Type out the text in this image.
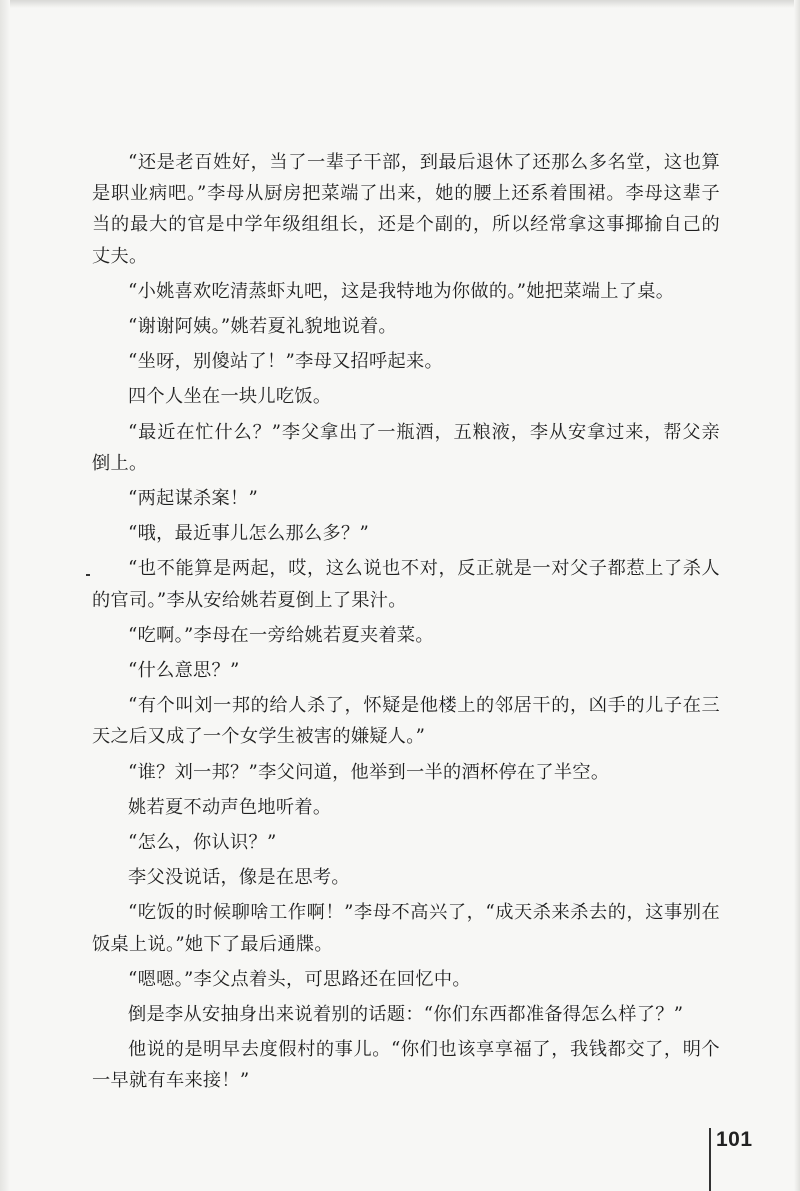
“还是老百姓好，当了一辈子干部，到最后退休了还那么多名堂，这也算是职业病吧。”李母从厨房把菜端了出来，她的腰上还系着围裙。李母这辈子当的最大的官是中学年级组组长，还是个副的，所以经常拿这事揶揄自己的丈夫。

“小姚喜欢吃清蒸虾丸吧，这是我特地为你做的。”她把菜端上了桌。

“谢谢阿姨。”姚若夏礼貌地说着。

“坐呀，别傻站了！”李母又招呼起来。

四个人坐在一块儿吃饭。

“最近在忙什么？”李父拿出了一瓶酒，五粮液，李从安拿过来，帮父亲倒上。

“两起谋杀案！”

“哦，最近事儿怎么那么多？”

“也不能算是两起，哎，这么说也不对，反正就是一对父子都惹上了杀人的官司。”李从安给姚若夏倒上了果汁。

“吃啊。”李母在一旁给姚若夏夹着菜。

“什么意思？”

“有个叫刘一邦的给人杀了，怀疑是他楼上的邻居干的，凶手的儿子在三天之后又成了一个女学生被害的嫌疑人。”

“谁？刘一邦？”李父问道，他举到一半的酒杯停在了半空。

姚若夏不动声色地听着。

“怎么，你认识？”

李父没说话，像是在思考。

“吃饭的时候聊啥工作啊！”李母不高兴了，“成天杀来杀去的，这事别在饭桌上说。”她下了最后通牒。

“嗯嗯。”李父点着头，可思路还在回忆中。

倒是李从安抽身出来说着别的话题：“你们东西都准备得怎么样了？”

他说的是明早去度假村的事儿。“你们也该享享福了，我钱都交了，明个一早就有车来接！”

101
